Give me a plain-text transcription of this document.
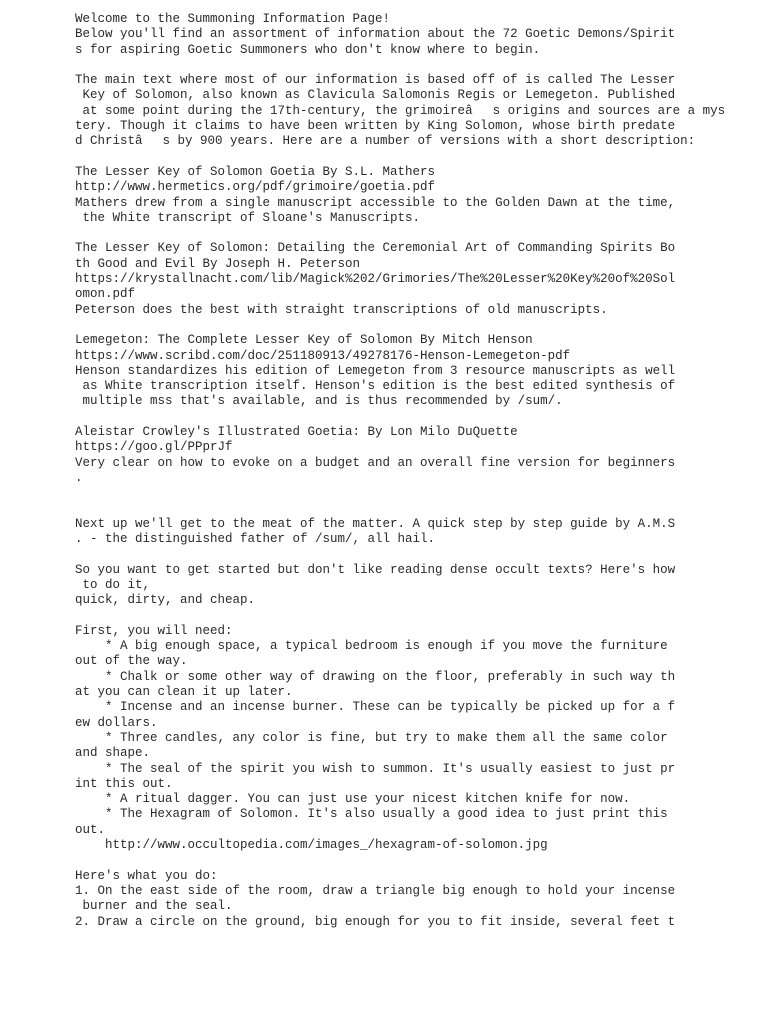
Welcome to the Summoning Information Page!
Below you'll find an assortment of information about the 72 Goetic Demons/Spirit
s for aspiring Goetic Summoners who don't know where to begin.
The main text where most of our information is based off of is called The Lesser
Key of Solomon, also known as Clavicula Salomonis Regis or Lemegeton. Published
at some point during the 17th-century, the grimoireâs origins and sources are a mys
tery. Though it claims to have been written by King Solomon, whose birth predate
d Christâs by 900 years. Here are a number of versions with a short description:
The Lesser Key of Solomon Goetia By S.L. Mathers
http://www.hermetics.org/pdf/grimoire/goetia.pdf
Mathers drew from a single manuscript accessible to the Golden Dawn at the time,
the White transcript of Sloane's Manuscripts.
The Lesser Key of Solomon: Detailing the Ceremonial Art of Commanding Spirits Bo
th Good and Evil By Joseph H. Peterson
https://krystallnacht.com/lib/Magick%202/Grimories/The%20Lesser%20Key%20of%20Sol
omon.pdf
Peterson does the best with straight transcriptions of old manuscripts.
Lemegeton: The Complete Lesser Key of Solomon By Mitch Henson
https://www.scribd.com/doc/251180913/49278176-Henson-Lemegeton-pdf
Henson standardizes his edition of Lemegeton from 3 resource manuscripts as well
as White transcription itself. Henson's edition is the best edited synthesis of
multiple mss that's available, and is thus recommended by /sum/.
Aleistar Crowley's Illustrated Goetia: By Lon Milo DuQuette
https://goo.gl/PPprJf
Very clear on how to evoke on a budget and an overall fine version for beginners
.
Next up we'll get to the meat of the matter. A quick step by step guide by A.M.S
. - the distinguished father of /sum/, all hail.
So you want to get started but don't like reading dense occult texts? Here's how
to do it,
quick, dirty, and cheap.
First, you will need:
* A big enough space, a typical bedroom is enough if you move the furniture
out of the way.
* Chalk or some other way of drawing on the floor, preferably in such way th
at you can clean it up later.
* Incense and an incense burner. These can be typically be picked up for a f
ew dollars.
* Three candles, any color is fine, but try to make them all the same color
and shape.
* The seal of the spirit you wish to summon. It's usually easiest to just pr
int this out.
* A ritual dagger. You can just use your nicest kitchen knife for now.
* The Hexagram of Solomon. It's also usually a good idea to just print this
out.
http://www.occultopedia.com/images_/hexagram-of-solomon.jpg
Here's what you do:
1. On the east side of the room, draw a triangle big enough to hold your incense
burner and the seal.
2. Draw a circle on the ground, big enough for you to fit inside, several feet t
